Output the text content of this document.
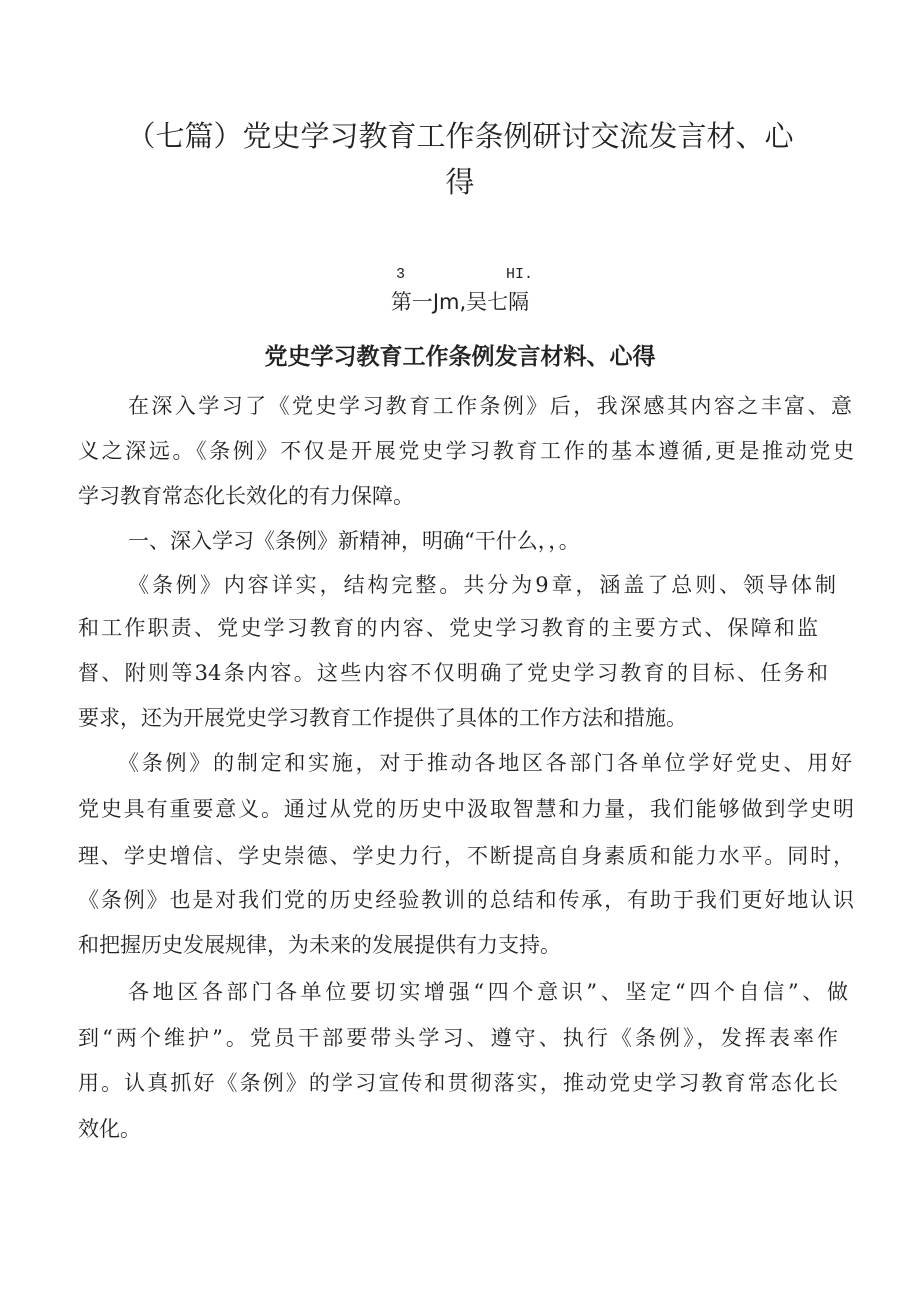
（七篇）党史学习教育工作条例研讨交流发言材、心
得
3	HI.
第一Jm,吴七隔
党史学习教育工作条例发言材料、心得
在深入学习了《党史学习教育工作条例》后，我深感其内容之丰富、意
义之深远。《条例》不仅是开展党史学习教育工作的基本遵循,更是推动党史
学习教育常态化长效化的有力保障。
一、深入学习《条例》新精神，明确“干什么，，。
《条例》内容详实，结构完整。共分为9章，涵盖了总则、领导体制
和工作职责、党史学习教育的内容、党史学习教育的主要方式、保障和监
督、附则等34条内容。这些内容不仅明确了党史学习教育的目标、任务和
要求，还为开展党史学习教育工作提供了具体的工作方法和措施。
《条例》的制定和实施，对于推动各地区各部门各单位学好党史、用好
党史具有重要意义。通过从党的历史中汲取智慧和力量，我们能够做到学史明
理、学史增信、学史崇德、学史力行，不断提高自身素质和能力水平。同时，
《条例》也是对我们党的历史经验教训的总结和传承，有助于我们更好地认识
和把握历史发展规律，为未来的发展提供有力支持。
各地区各部门各单位要切实增强“四个意识”、坚定“四个自信”、做
到“两个维护”。党员干部要带头学习、遵守、执行《条例》，发挥表率作
用。认真抓好《条例》的学习宣传和贯彻落实，推动党史学习教育常态化长
效化。
